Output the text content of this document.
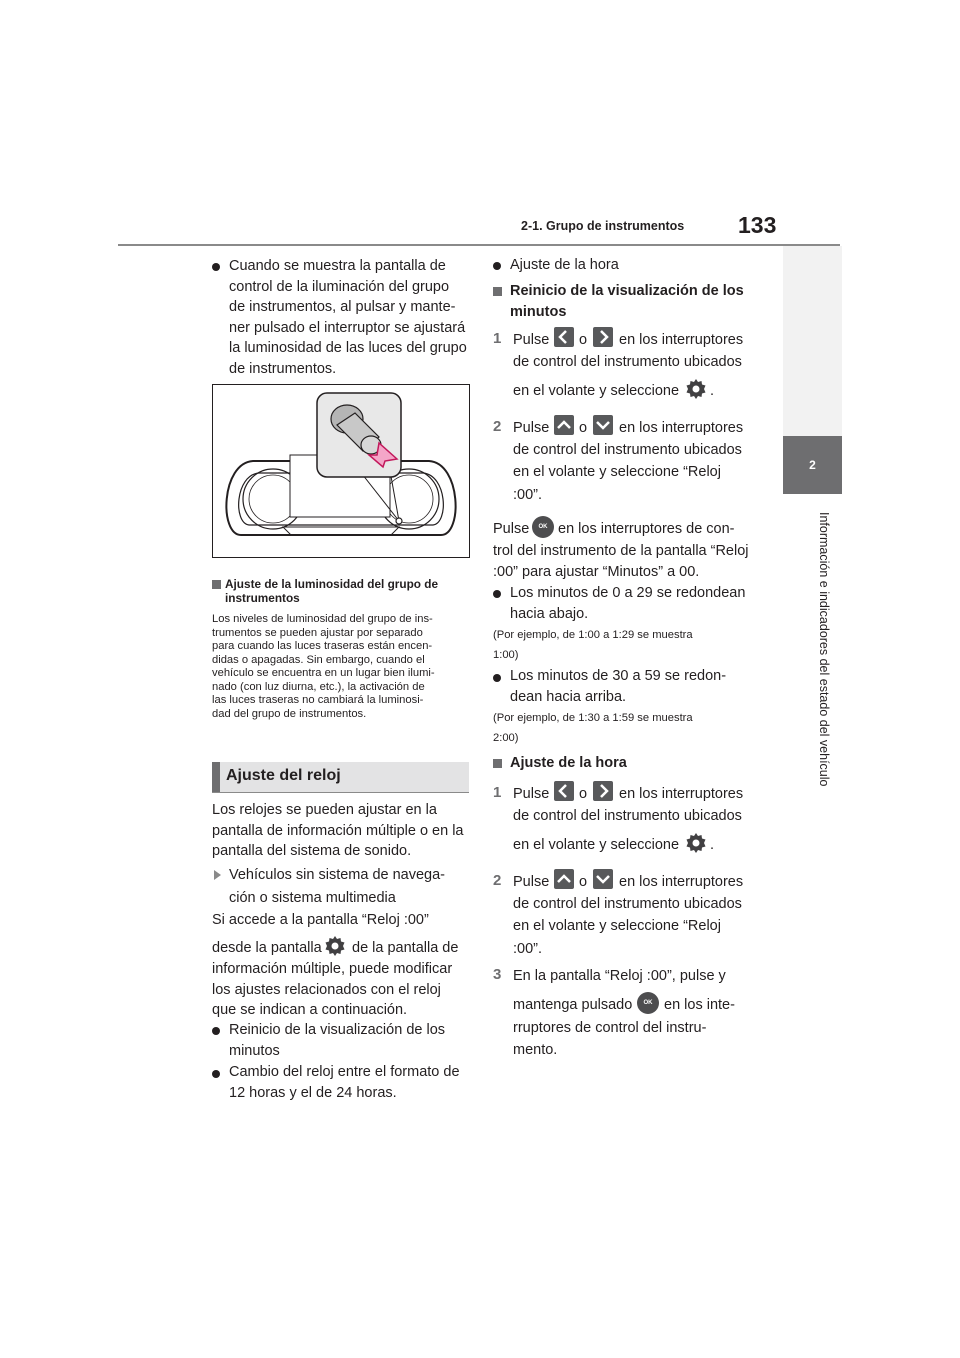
2-1. Grupo de instrumentos 133
2
Información e indicadores del estado del vehículo
Cuando se muestra la pantalla de
control de la iluminación del grupo
de instrumentos, al pulsar y mante-
ner pulsado el interruptor se ajustará
la luminosidad de las luces del grupo
de instrumentos.
Ajuste de la luminosidad del grupo de
instrumentos
Los niveles de luminosidad del grupo de ins-
trumentos se pueden ajustar por separado
para cuando las luces traseras están encen-
didas o apagadas. Sin embargo, cuando el
vehículo se encuentra en un lugar bien ilumi-
nado (con luz diurna, etc.), la activación de
las luces traseras no cambiará la luminosi-
dad del grupo de instrumentos.
Ajuste del reloj
Los relojes se pueden ajustar en la
pantalla de información múltiple o en la
pantalla del sistema de sonido.
Vehículos sin sistema de navega-
ción o sistema multimedia
Si accede a la pantalla “Reloj :00”
desde la pantalla de la pantalla de
información múltiple, puede modificar
los ajustes relacionados con el reloj
que se indican a continuación.
Reinicio de la visualización de los
minutos
Cambio del reloj entre el formato de
12 horas y el de 24 horas.
Ajuste de la hora
Reinicio de la visualización de los
minutos
1 Pulse o en los interruptores
de control del instrumento ubicados
en el volante y seleccione .
2 Pulse o en los interruptores
de control del instrumento ubicados
en el volante y seleccione “Reloj
:00”.
Pulse	OK en los interruptores de con-
trol del instrumento de la pantalla “Reloj
:00” para ajustar “Minutos” a 00.
Los minutos de 0 a 29 se redondean
hacia abajo.
(Por ejemplo, de 1:00 a 1:29 se muestra
1:00)
Los minutos de 30 a 59 se redon-
dean hacia arriba.
(Por ejemplo, de 1:30 a 1:59 se muestra
2:00)
Ajuste de la hora
1 Pulse o en los interruptores
de control del instrumento ubicados
en el volante y seleccione .
2 Pulse o en los interruptores
de control del instrumento ubicados
en el volante y seleccione “Reloj
:00”.
3 En la pantalla “Reloj :00”, pulse y
mantenga pulsado	OK en los inte-
rruptores de control del instru-
mento.
